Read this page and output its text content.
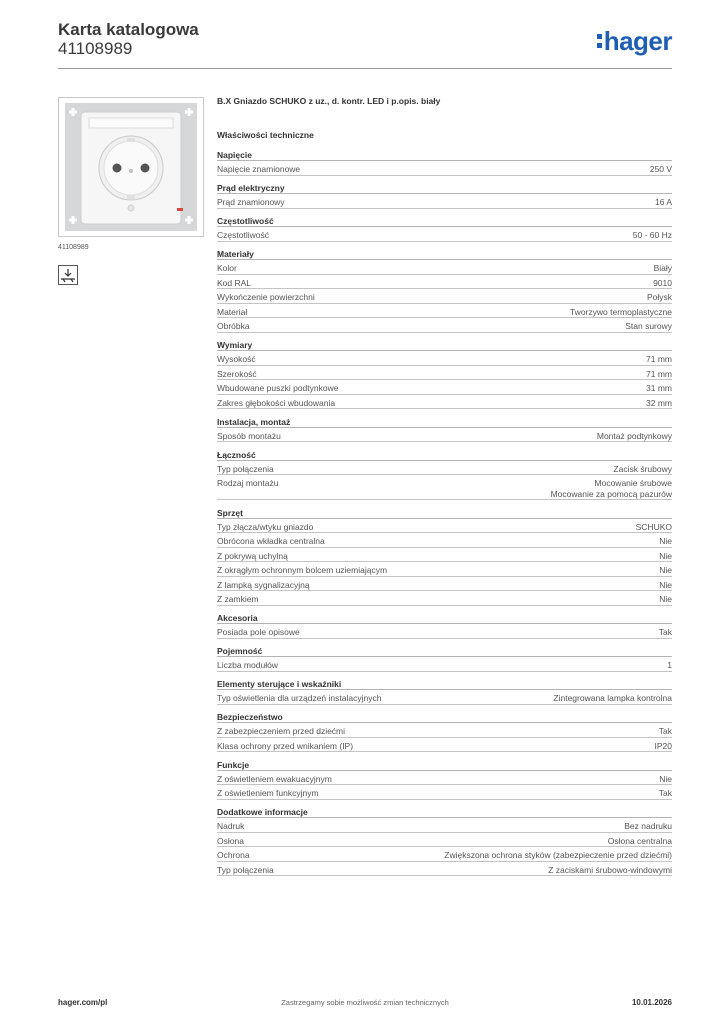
Karta katalogowa
41108989	hager
41108989
B.X Gniazdo SCHUKO z uz., d. kontr. LED i p.opis. biały
Właściwości techniczne
Napięcie
Napięcie znamionowe	250 V
Prąd elektryczny
Prąd znamionowy	16 A
Częstotliwość
Częstotliwość	50 - 60 Hz
Materiały
Kolor	Biały
Kod RAL	9010
Wykończenie powierzchni	Połysk
Materiał	Tworzywo termoplastyczne
Obróbka	Stan surowy
Wymiary
Wysokość	71 mm
Szerokość	71 mm
Wbudowane puszki podtynkowe	31 mm
Zakres głębokości wbudowania	32 mm
Instalacja, montaż
Sposób montażu	Montaż podtynkowy
Łączność
Typ połączenia	Zacisk śrubowy
Rodzaj montażu	Mocowanie śrubowe
Mocowanie za pomocą pazurów
Sprzęt
Typ złącza/wtyku gniazdo	SCHUKO
Obrócona wkładka centralna	Nie
Z pokrywą uchylną	Nie
Z okrągłym ochronnym bolcem uziemiającym	Nie
Z lampką sygnalizacyjną	Nie
Z zamkiem	Nie
Akcesoria
Posiada pole opisowe	Tak
Pojemność
Liczba modułów	1
Elementy sterujące i wskaźniki
Typ oświetlenia dla urządzeń instalacyjnych	Zintegrowana lampka kontrolna
Bezpieczeństwo
Z zabezpieczeniem przed dziećmi	Tak
Klasa ochrony przed wnikaniem (IP)	IP20
Funkcje
Z oświetleniem ewakuacyjnym	Nie
Z oświetleniem funkcyjnym	Tak
Dodatkowe informacje
Nadruk	Bez nadruku
Osłona	Osłona centralna
Ochrona	Zwiększona ochrona styków (zabezpieczenie przed dziećmi)
Typ połączenia	Z zaciskami śrubowo-windowymi
hager.com/pl	Zastrzegamy sobie możliwość zmian technicznych	10.01.2026
